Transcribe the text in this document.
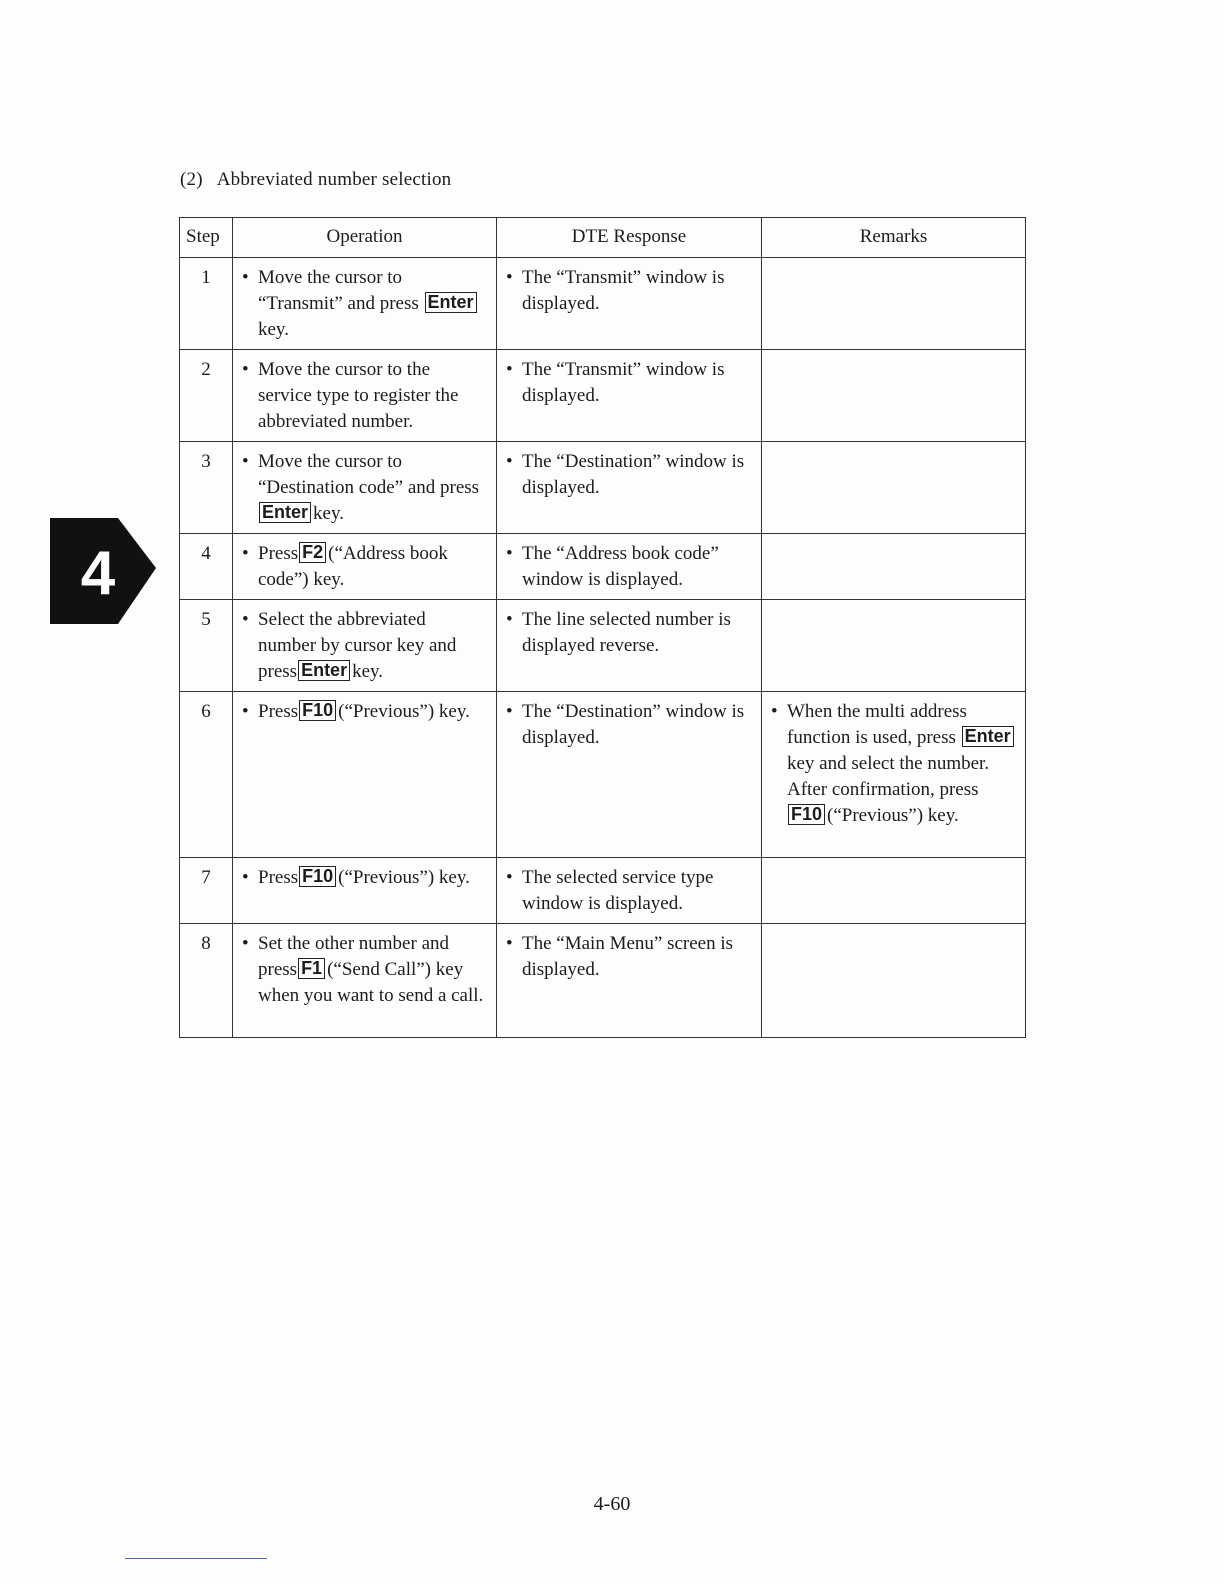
(2) Abbreviated number selection
4
Step	Operation	DTE Response	Remarks
1	• Move the cursor to “Transmit” and press Enterkey.	• The “Transmit” window is displayed.	

2	• Move the cursor to the service type to register the abbreviated number.	• The “Transmit” window is displayed.	

3	• Move the cursor to “Destination code” and pressEnter key.	• The “Destination” window is displayed.	

4	• Press F2 (“Address book code”) key.	• The “Address book code” window is displayed.	

5	• Select the abbreviated number by cursor key and press Enter key.	• The line selected number is displayed reverse.	

6	• Press F10 (“Previous”) key.	• The “Destination” window is displayed.	• When the multi address function is used, press Enterkey and select the number.
After confirmation, press F10 (“Previous”) key.

7	• Press F10 (“Previous”) key.	• The selected service type window is displayed.	

8	• Set the other number and press F1 (“Send Call”) key when you want to send a call.	• The “Main Menu” screen is displayed.	

4-60
